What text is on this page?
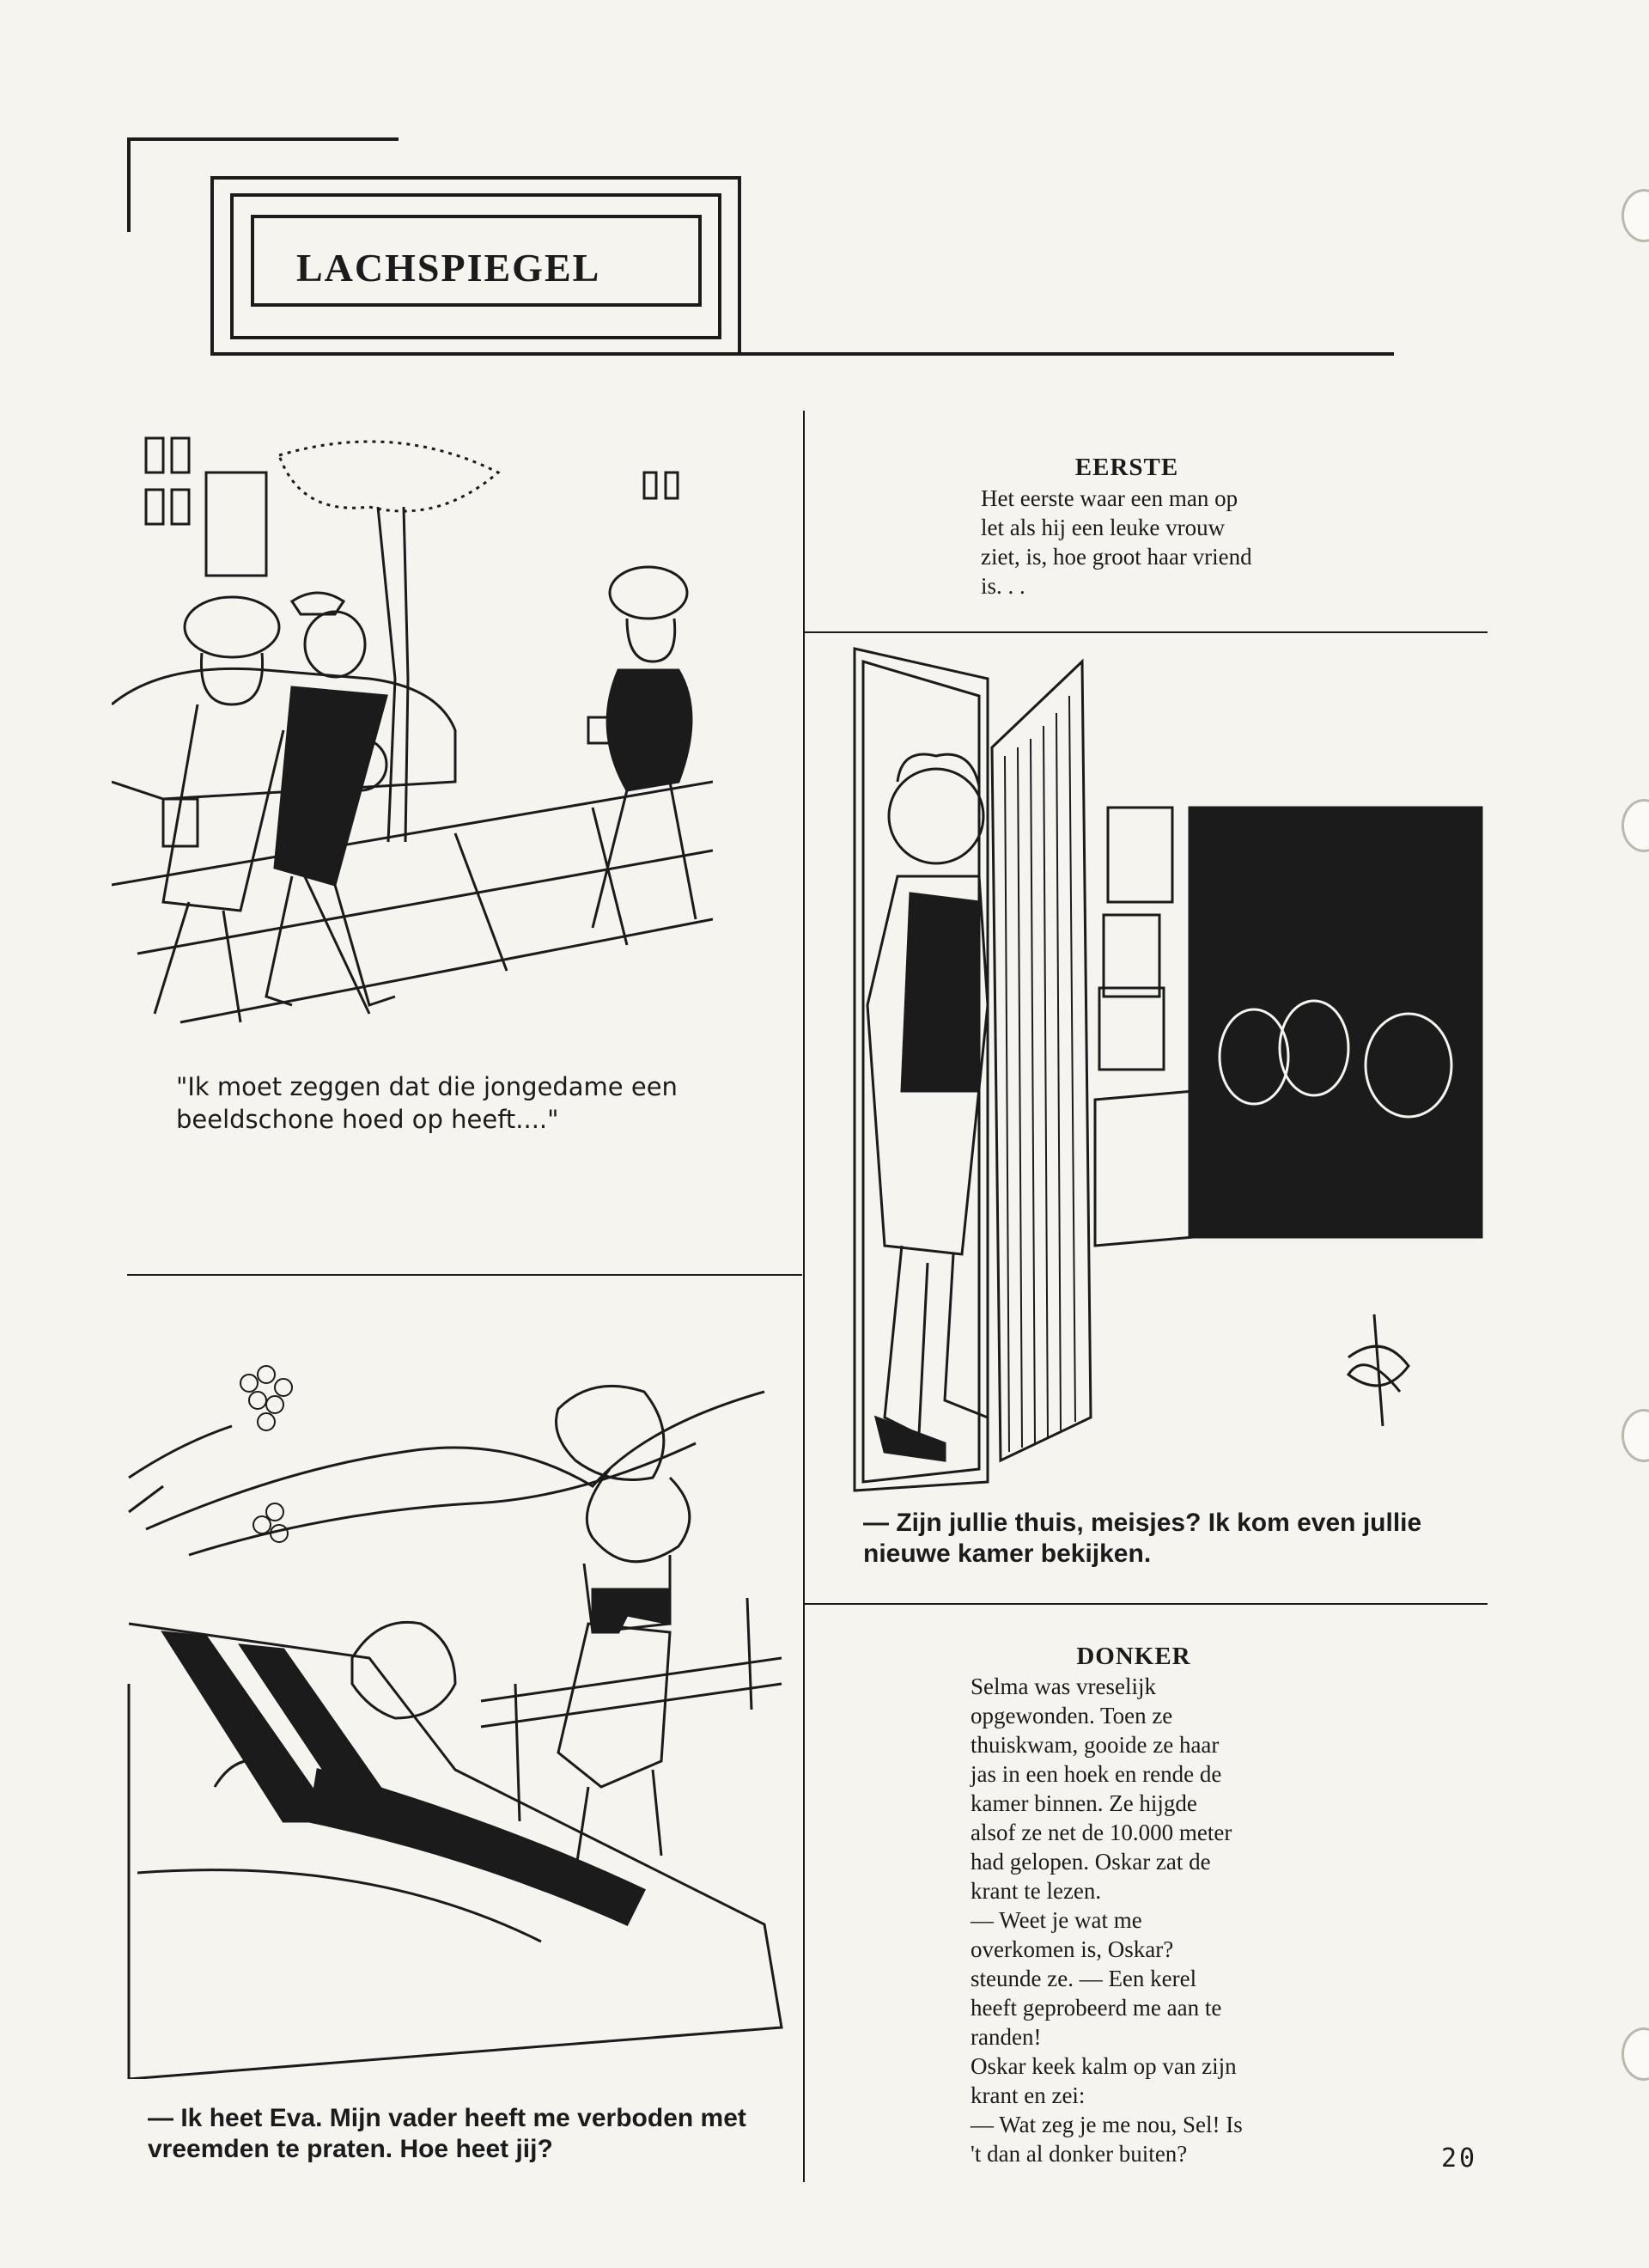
LACHSPIEGEL
"Ik moet zeggen dat die jongedame een beeldschone hoed op heeft...."
EERSTE
Het eerste waar een man op
let als hij een leuke vrouw
ziet, is, hoe groot haar vriend
is. . .
— Zijn jullie thuis, meisjes? Ik kom even jullie nieuwe kamer bekijken.
— Ik heet Eva. Mijn vader heeft me verboden met vreemden te praten. Hoe heet jij?
DONKER
Selma was vreselijk
opgewonden. Toen ze
thuiskwam, gooide ze haar
jas in een hoek en rende de
kamer binnen. Ze hijgde
alsof ze net de 10.000 meter
had gelopen. Oskar zat de
krant te lezen.
— Weet je wat me
overkomen is, Oskar?
steunde ze. — Een kerel
heeft geprobeerd me aan te
randen!
Oskar keek kalm op van zijn
krant en zei:
— Wat zeg je me nou, Sel! Is
't dan al donker buiten?	20
